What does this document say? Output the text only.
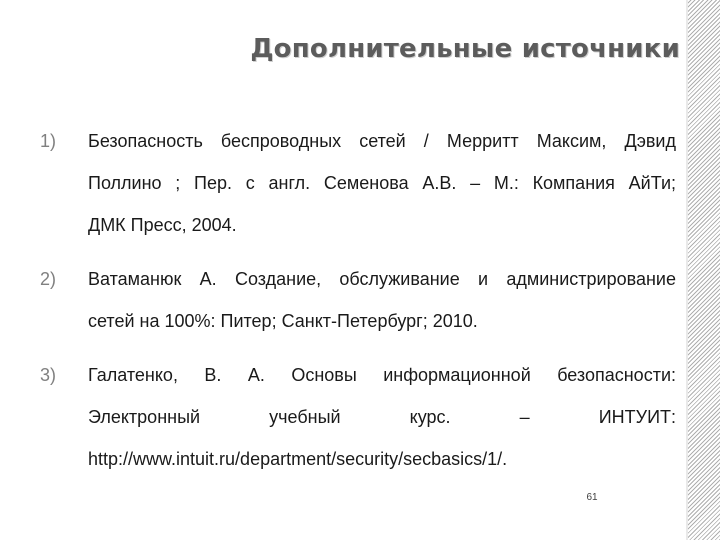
Дополнительные источники
1) Безопасность беспроводных сетей / Мерритт Максим, Дэвид
Поллино ; Пер. с англ. Семенова А.В. – М.: Компания АйТи;
ДМК Пресс, 2004.
2) Ватаманюк А. Создание, обслуживание и администрирование
сетей на 100%: Питер; Санкт-Петербург; 2010.
3) Галатенко, В. А. Основы информационной безопасности:
Электронный учебный курс. – ИНТУИТ:
http://www.intuit.ru/department/security/secbasics/1/.
61
